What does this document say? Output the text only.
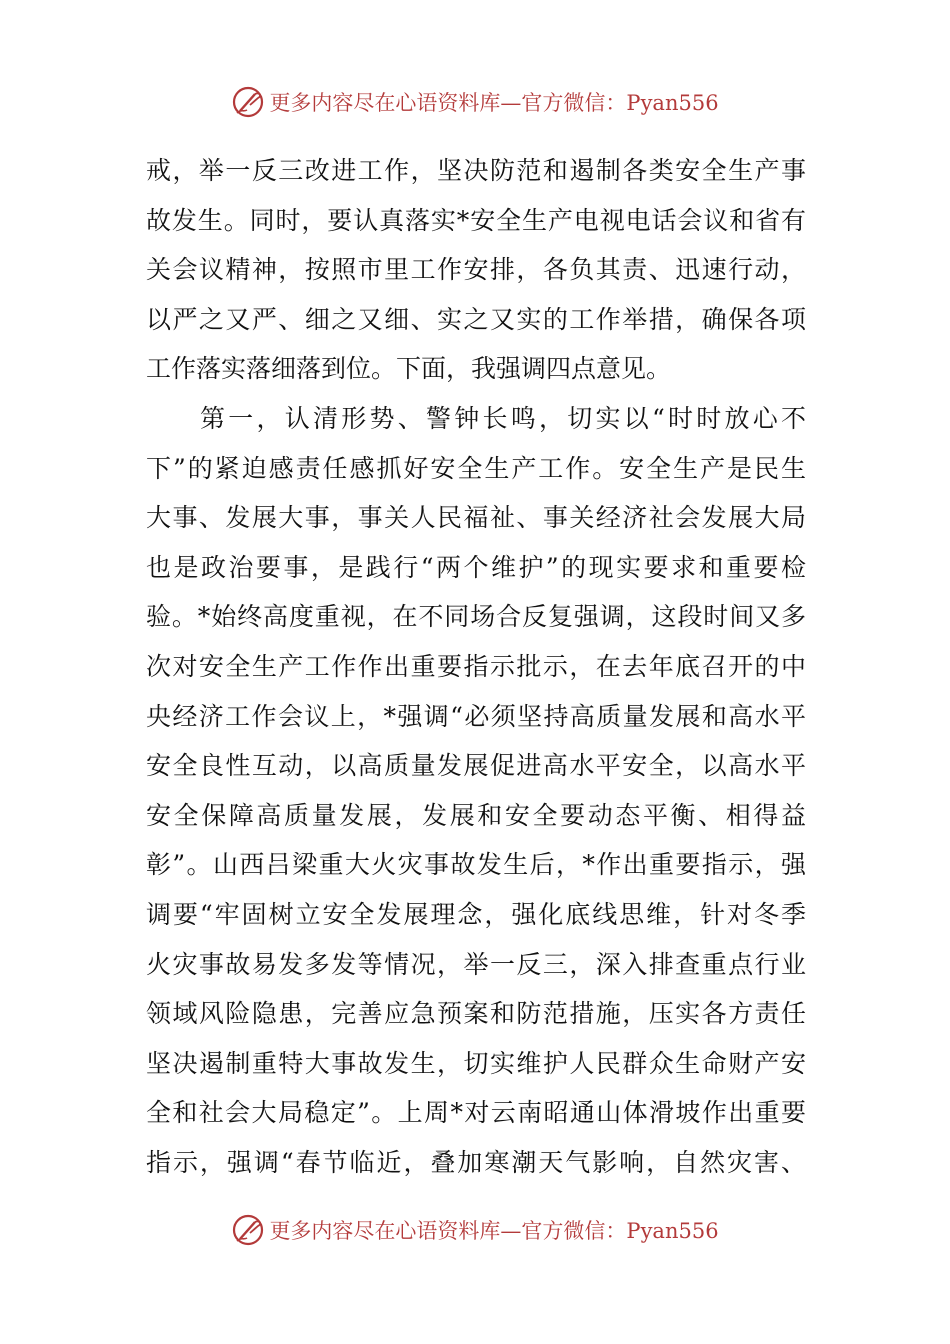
更多内容尽在心语资料库—官方微信：Pyan556
戒，举一反三改进工作，坚决防范和遏制各类安全生产事
故发生。同时，要认真落实*安全生产电视电话会议和省有
关会议精神，按照市里工作安排，各负其责、迅速行动，
以严之又严、细之又细、实之又实的工作举措，确保各项
工作落实落细落到位。下面，我强调四点意见。
第一，认清形势、警钟长鸣，切实以“时时放心不
下”的紧迫感责任感抓好安全生产工作。安全生产是民生
大事、发展大事，事关人民福祉、事关经济社会发展大局
也是政治要事，是践行“两个维护”的现实要求和重要检
验。*始终高度重视，在不同场合反复强调，这段时间又多
次对安全生产工作作出重要指示批示，在去年底召开的中
央经济工作会议上，*强调“必须坚持高质量发展和高水平
安全良性互动，以高质量发展促进高水平安全，以高水平
安全保障高质量发展，发展和安全要动态平衡、相得益
彰”。山西吕梁重大火灾事故发生后，*作出重要指示，强
调要“牢固树立安全发展理念，强化底线思维，针对冬季
火灾事故易发多发等情况，举一反三，深入排查重点行业
领域风险隐患，完善应急预案和防范措施，压实各方责任
坚决遏制重特大事故发生，切实维护人民群众生命财产安
全和社会大局稳定”。上周*对云南昭通山体滑坡作出重要
指示，强调“春节临近，叠加寒潮天气影响，自然灾害、
更多内容尽在心语资料库—官方微信：Pyan556
